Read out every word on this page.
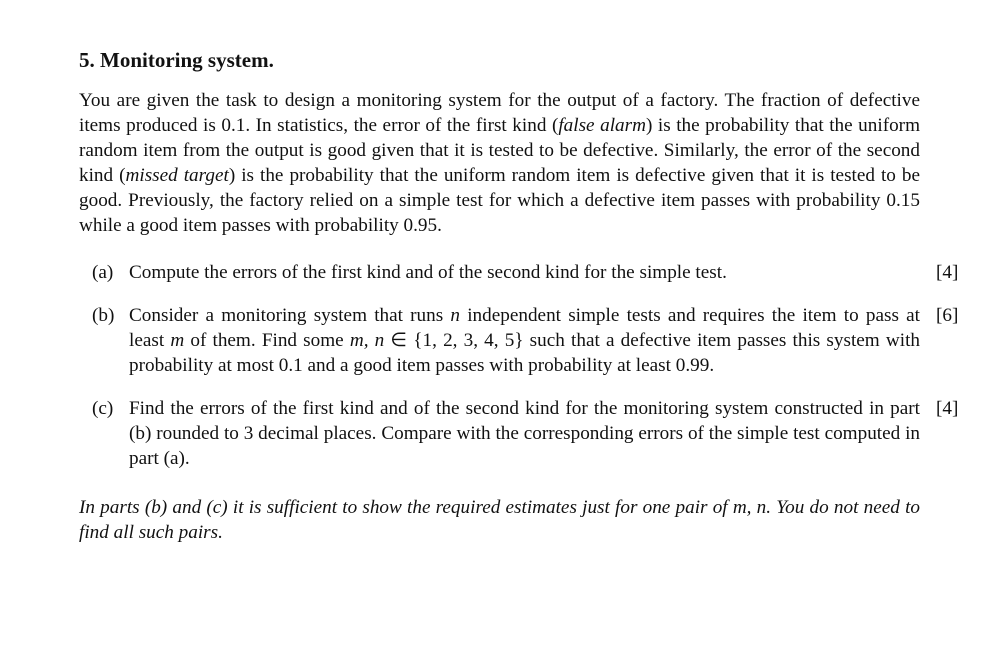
5. Monitoring system.
You are given the task to design a monitoring system for the output of a factory. The fraction of defective items produced is 0.1. In statistics, the error of the first kind (false alarm) is the probability that the uniform random item from the output is good given that it is tested to be defective. Similarly, the error of the second kind (missed target) is the probability that the uniform random item is defective given that it is tested to be good. Previously, the factory relied on a simple test for which a defective item passes with probability 0.15 while a good item passes with probability 0.95.
(a) Compute the errors of the first kind and of the second kind for the simple test.	[4]
(b) Consider a monitoring system that runs n independent simple tests and requires the item to pass at least m of them. Find some m, n ∈ {1, 2, 3, 4, 5} such that a defective item passes this system with probability at most 0.1 and a good item passes with probability at least 0.99.
[6]
(c) Find the errors of the first kind and of the second kind for the monitoring system constructed in part (b) rounded to 3 decimal places. Compare with the corresponding errors of the simple test computed in part (a).
[4]
In parts (b) and (c) it is sufficient to show the required estimates just for one pair of m, n. You do not need to find all such pairs.
